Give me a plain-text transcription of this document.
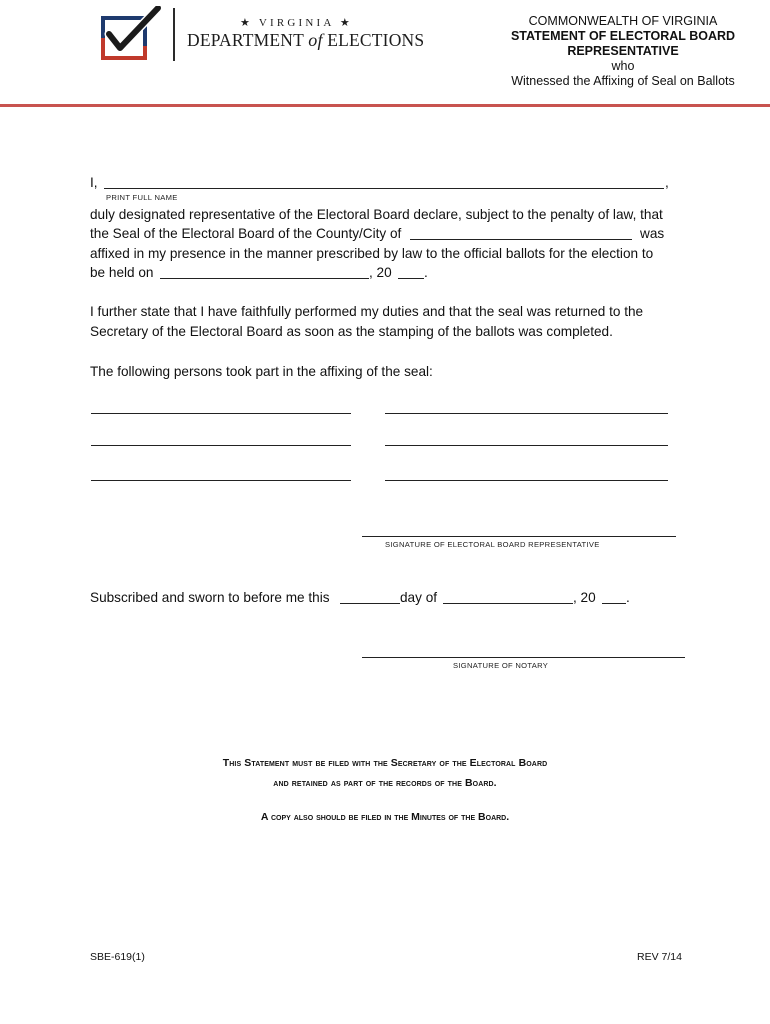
★ VIRGINIA ★
DEPARTMENT of ELECTIONS
COMMONWEALTH OF VIRGINIA
STATEMENT OF ELECTORAL BOARD
REPRESENTATIVE
who
Witnessed the Affixing of Seal on Ballots
I,	,
PRINT FULL NAME
duly designated representative of the Electoral Board declare, subject to the penalty of law, that
the Seal of the Electoral Board of the County/City of	was
affixed in my presence in the manner prescribed by law to the official ballots for the election to
be held on	, 20 .
I further state that I have faithfully performed my duties and that the seal was returned to the
Secretary of the Electoral Board as soon as the stamping of the ballots was completed.
The following persons took part in the affixing of the seal:
SIGNATURE OF ELECTORAL BOARD REPRESENTATIVE
Subscribed and sworn to before me this	day of	, 20 .
SIGNATURE OF NOTARY
This Statement must be filed with the Secretary of the Electoral Board
and retained as part of the records of the Board.
A copy also should be filed in the Minutes of the Board.
SBE-619(1)	REV 7/14
